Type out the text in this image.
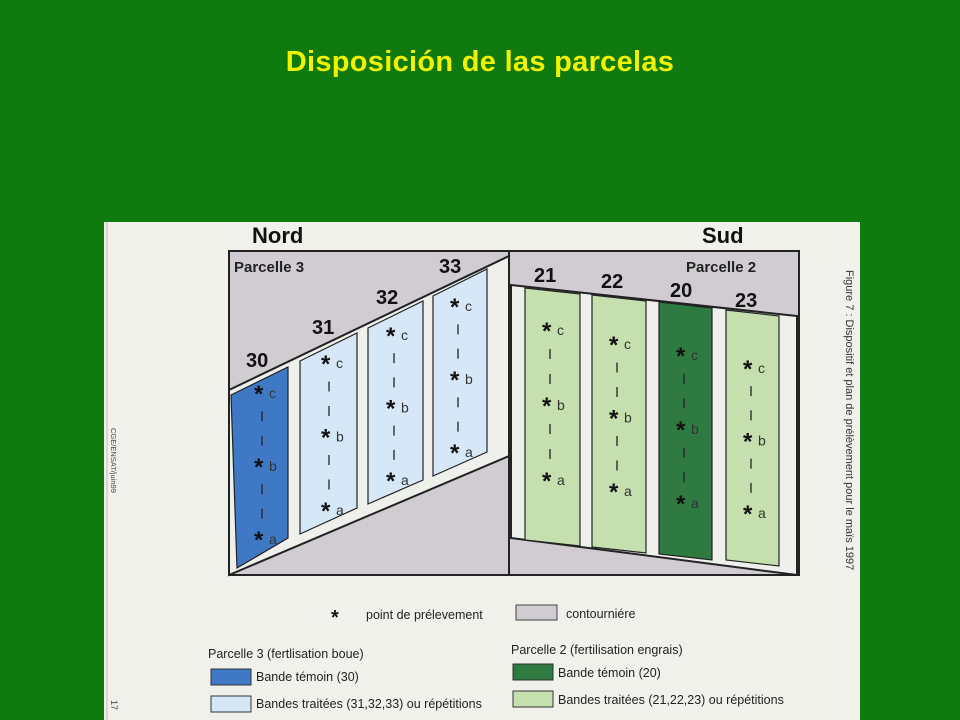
Disposición de las parcelas
Nord	Sud
Parcelle 3	Parcelle 2
30
31
32
33	21 22 20 23
* c
* b
* a
* c
* b
* a
* c
* b
* a
* c
* b
* a
* c
* b
* a
* c
* b
* a
* c
* b
* a
* c
* b
* a
* point de prélevement	contourniére
Parcelle 3 (fertlisation boue)
Bande témoin (30)
Bandes traitées (31,32,33) ou répétitions
Parcelle 2 (fertilisation engrais)
Bande témoin (20)
Bandes traitées (21,22,23) ou répétitions
Figure 7 : Dispositif et plan de prélèvement pour le maïs 1997
CGE/ENSAT/juin99
17
